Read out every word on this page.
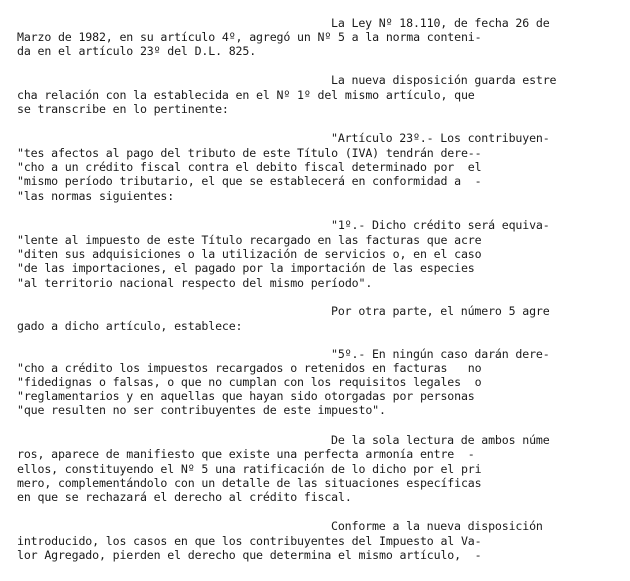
La Ley Nº 18.110, de fecha 26 de
Marzo de 1982, en su artículo 4º, agregó un Nº 5 a la norma conteni-
da en el artículo 23º del D.L. 825.
La nueva disposición guarda estre
cha relación con la establecida en el Nº 1º del mismo artículo, que
se transcribe en lo pertinente:
"Artículo 23º.- Los contribuyen-
"tes afectos al pago del tributo de este Título (IVA) tendrán dere--
"cho a un crédito fiscal contra el debito fiscal determinado por  el
"mismo período tributario, el que se establecerá en conformidad a  -
"las normas siguientes:
"1º.- Dicho crédito será equiva-
"lente al impuesto de este Título recargado en las facturas que acre
"diten sus adquisiciones o la utilización de servicios o, en el caso
"de las importaciones, el pagado por la importación de las especies
"al territorio nacional respecto del mismo período".
Por otra parte, el número 5 agre
gado a dicho artículo, establece:
"5º.- En ningún caso darán dere-
"cho a crédito los impuestos recargados o retenidos en facturas   no
"fidedignas o falsas, o que no cumplan con los requisitos legales  o
"reglamentarios y en aquellas que hayan sido otorgadas por personas
"que resulten no ser contribuyentes de este impuesto".
De la sola lectura de ambos núme
ros, aparece de manifiesto que existe una perfecta armonía entre  -
ellos, constituyendo el Nº 5 una ratificación de lo dicho por el pri
mero, complementándolo con un detalle de las situaciones específicas
en que se rechazará el derecho al crédito fiscal.
Conforme a la nueva disposición
introducido, los casos en que los contribuyentes del Impuesto al Va-
lor Agregado, pierden el derecho que determina el mismo artículo,  -
